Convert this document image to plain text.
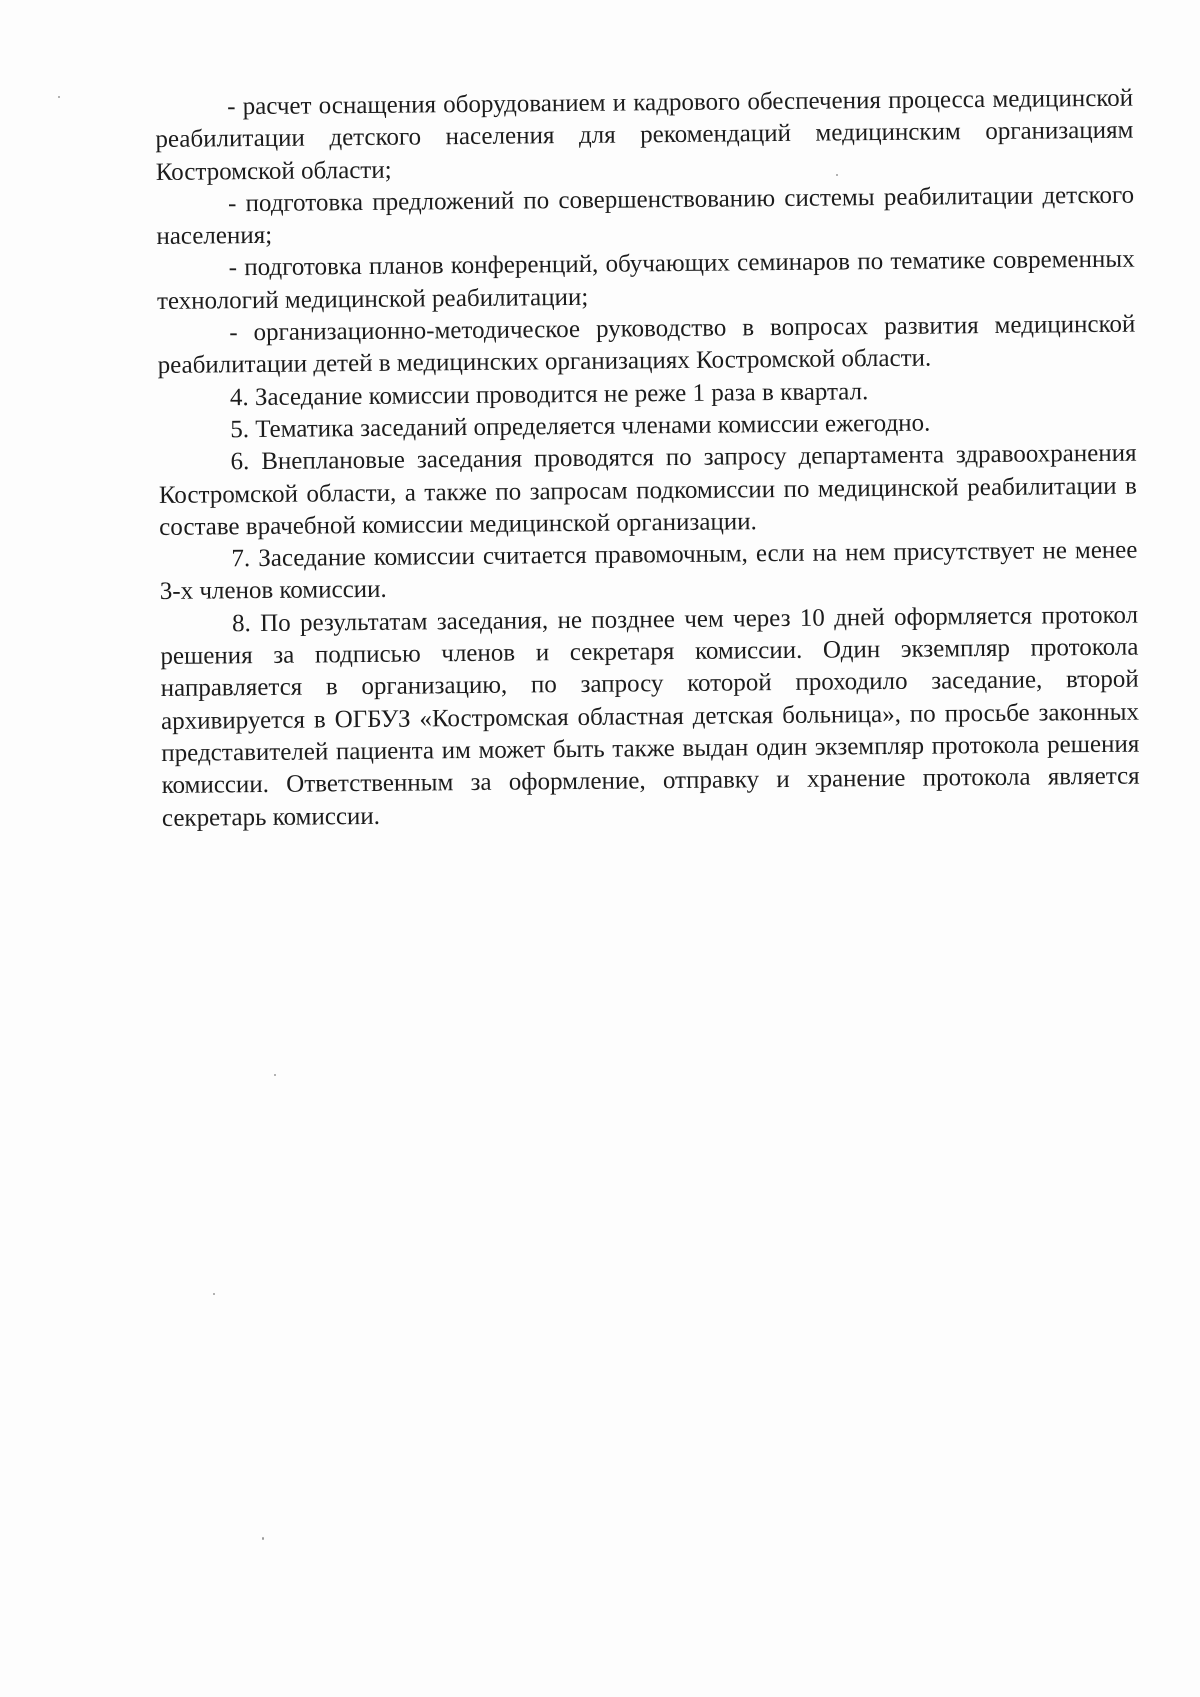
- расчет оснащения оборудованием и кадрового обеспечения процесса медицинской реабилитации детского населения для рекомендаций медицинским организациям Костромской области;

- подготовка предложений по совершенствованию системы реабилитации детского населения;

- подготовка планов конференций, обучающих семинаров по тематике современных технологий медицинской реабилитации;

- организационно-методическое руководство в вопросах развития медицинской реабилитации детей в медицинских организациях Костромской области.

4. Заседание комиссии проводится не реже 1 раза в квартал.

5. Тематика заседаний определяется членами комиссии ежегодно.

6. Внеплановые заседания проводятся по запросу департамента здравоохранения Костромской области, а также по запросам подкомиссии по медицинской реабилитации в составе врачебной комиссии медицинской организации.

7. Заседание комиссии считается правомочным, если на нем присутствует не менее 3-х членов комиссии.

8. По результатам заседания, не позднее чем через 10 дней оформляется протокол решения за подписью членов и секретаря комиссии. Один экземпляр протокола направляется в организацию, по запросу которой проходило заседание, второй архивируется в ОГБУЗ «Костромская областная детская больница», по просьбе законных представителей пациента им может быть также выдан один экземпляр протокола решения комиссии. Ответственным за оформление, отправку и хранение протокола является секретарь комиссии.
